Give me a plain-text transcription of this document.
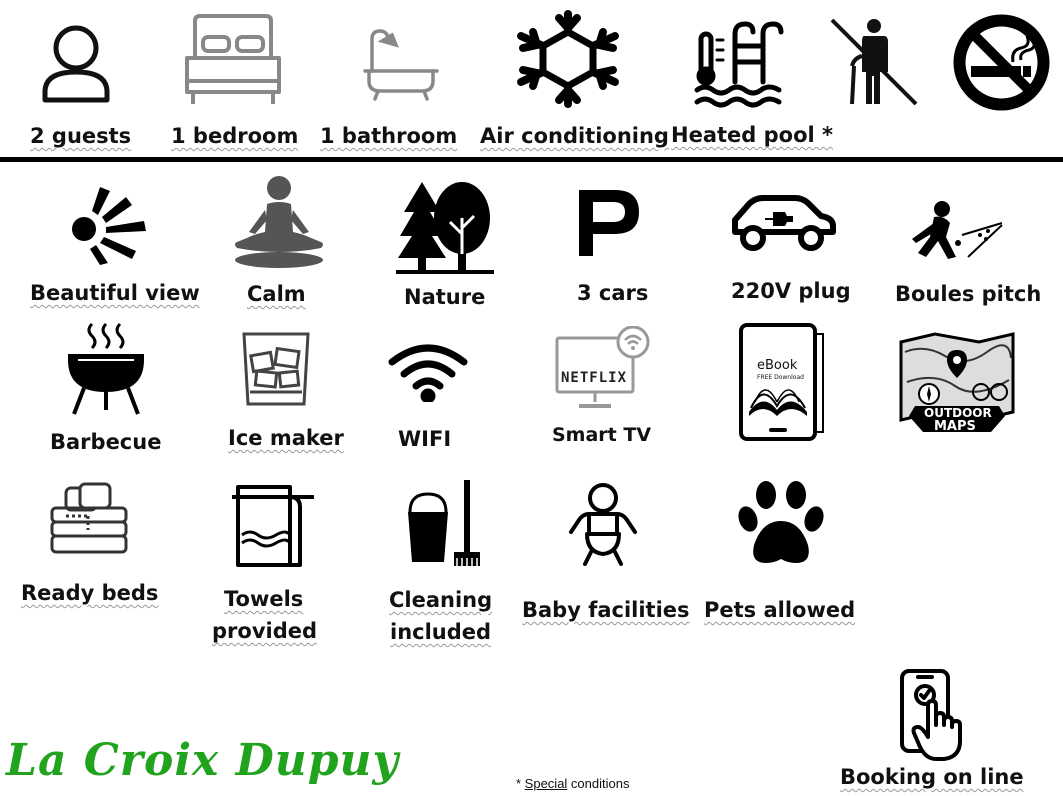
2 guests 1 bedroom 1 bathroom Air conditioning Heated pool *
Beautiful view Calm	Nature	3 cars	220V plug Boules pitch
Barbecue	Ice maker	WIFI
NETFLIX
Smart TV
eBook
FREE Download
OUTDOOR
MAPS
Ready beds	Towels
provided
Cleaning
included
Baby facilities Pets allowed
Booking on line
La Croix Dupuy	* Special conditions
